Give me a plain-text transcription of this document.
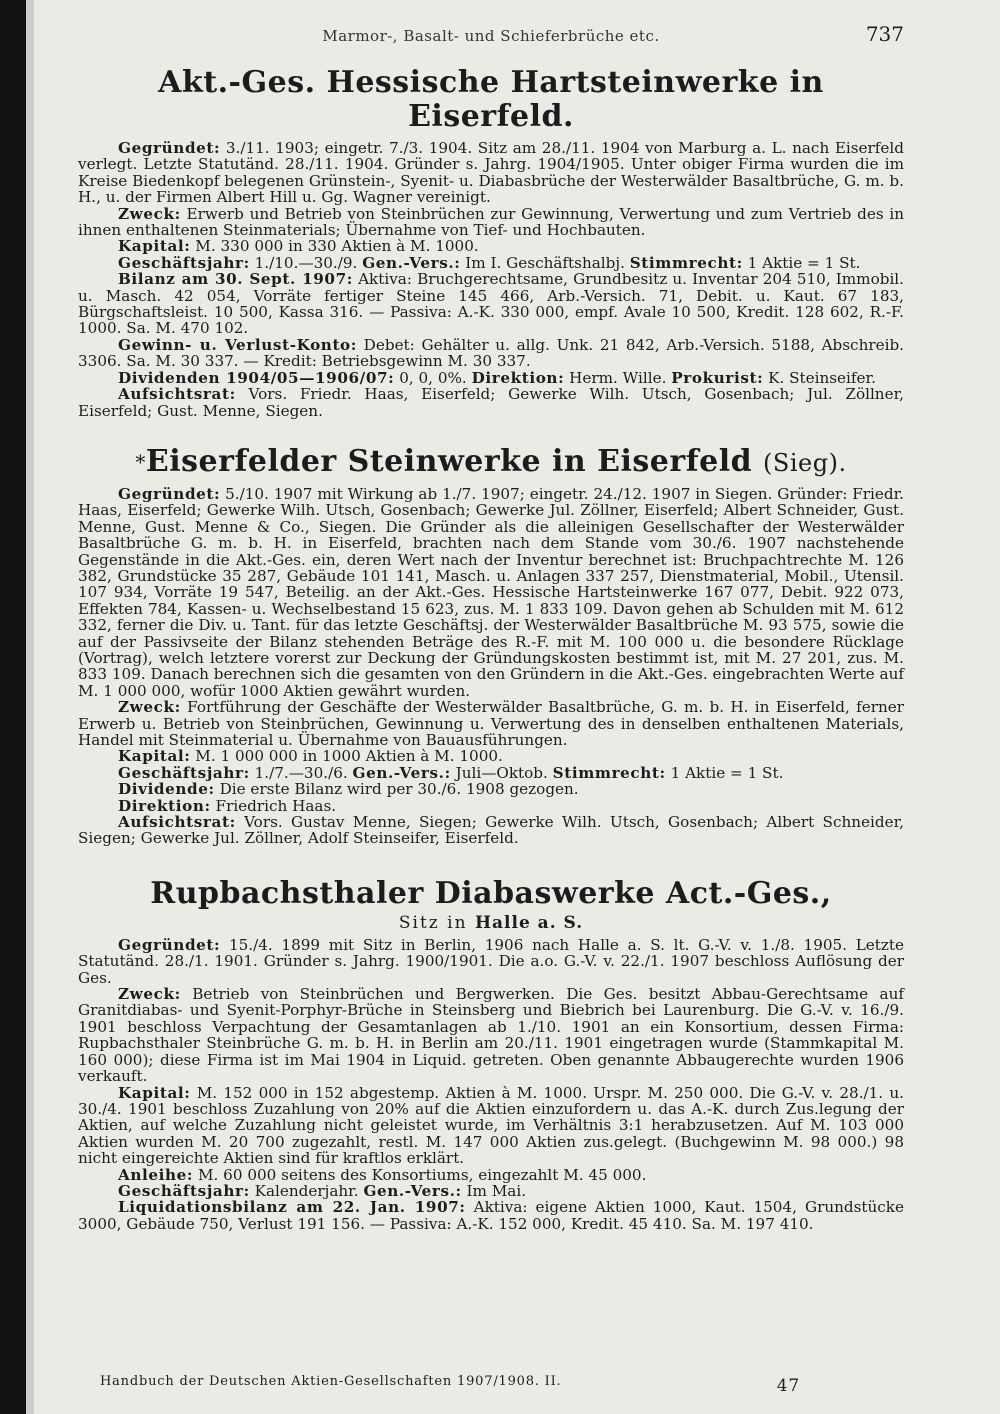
Marmor-, Basalt- und Schieferbrüche etc.	737
Akt.-Ges. Hessische Hartsteinwerke in Eiserfeld.

Gegründet: 3./11. 1903; eingetr. 7./3. 1904. Sitz am 28./11. 1904 von Marburg a. L. nach Eiserfeld verlegt. Letzte Statutänd. 28./11. 1904. Gründer s. Jahrg. 1904/1905. Unter obiger Firma wurden die im Kreise Biedenkopf belegenen Grünstein-, Syenit- u. Diabasbrüche der Westerwälder Basaltbrüche, G. m. b. H., u. der Firmen Albert Hill u. Gg. Wagner vereinigt.

Zweck: Erwerb und Betrieb von Steinbrüchen zur Gewinnung, Verwertung und zum Vertrieb des in ihnen enthaltenen Steinmaterials; Übernahme von Tief- und Hochbauten.

Kapital: M. 330 000 in 330 Aktien à M. 1000.

Geschäftsjahr: 1./10.—30./9. Gen.-Vers.: Im I. Geschäftshalbj. Stimmrecht: 1 Aktie = 1 St.

Bilanz am 30. Sept. 1907: Aktiva: Bruchgerechtsame, Grundbesitz u. Inventar 204 510, Immobil. u. Masch. 42 054, Vorräte fertiger Steine 145 466, Arb.-Versich. 71, Debit. u. Kaut. 67 183, Bürgschaftsleist. 10 500, Kassa 316. — Passiva: A.-K. 330 000, empf. Avale 10 500, Kredit. 128 602, R.-F. 1000. Sa. M. 470 102.

Gewinn- u. Verlust-Konto: Debet: Gehälter u. allg. Unk. 21 842, Arb.-Versich. 5188, Abschreib. 3306. Sa. M. 30 337. — Kredit: Betriebsgewinn M. 30 337.

Dividenden 1904/05—1906/07: 0, 0, 0%. Direktion: Herm. Wille. Prokurist: K. Steinseifer.

Aufsichtsrat: Vors. Friedr. Haas, Eiserfeld; Gewerke Wilh. Utsch, Gosenbach; Jul. Zöllner, Eiserfeld; Gust. Menne, Siegen.

*Eiserfelder Steinwerke in Eiserfeld (Sieg).

Gegründet: 5./10. 1907 mit Wirkung ab 1./7. 1907; eingetr. 24./12. 1907 in Siegen. Gründer: Friedr. Haas, Eiserfeld; Gewerke Wilh. Utsch, Gosenbach; Gewerke Jul. Zöllner, Eiserfeld; Albert Schneider, Gust. Menne, Gust. Menne & Co., Siegen. Die Gründer als die alleinigen Gesellschafter der Westerwälder Basaltbrüche G. m. b. H. in Eiserfeld, brachten nach dem Stande vom 30./6. 1907 nachstehende Gegenstände in die Akt.-Ges. ein, deren Wert nach der Inventur berechnet ist: Bruchpachtrechte M. 126 382, Grundstücke 35 287, Gebäude 101 141, Masch. u. Anlagen 337 257, Dienstmaterial, Mobil., Utensil. 107 934, Vorräte 19 547, Beteilig. an der Akt.-Ges. Hessische Hartsteinwerke 167 077, Debit. 922 073, Effekten 784, Kassen- u. Wechselbestand 15 623, zus. M. 1 833 109. Davon gehen ab Schulden mit M. 612 332, ferner die Div. u. Tant. für das letzte Geschäftsj. der Westerwälder Basaltbrüche M. 93 575, sowie die auf der Passivseite der Bilanz stehenden Beträge des R.-F. mit M. 100 000 u. die besondere Rücklage (Vortrag), welch letztere vorerst zur Deckung der Gründungskosten bestimmt ist, mit M. 27 201, zus. M. 833 109. Danach berechnen sich die gesamten von den Gründern in die Akt.-Ges. eingebrachten Werte auf M. 1 000 000, wofür 1000 Aktien gewährt wurden.

Zweck: Fortführung der Geschäfte der Westerwälder Basaltbrüche, G. m. b. H. in Eiserfeld, ferner Erwerb u. Betrieb von Steinbrüchen, Gewinnung u. Verwertung des in denselben enthaltenen Materials, Handel mit Steinmaterial u. Übernahme von Bauausführungen.

Kapital: M. 1 000 000 in 1000 Aktien à M. 1000.

Geschäftsjahr: 1./7.—30./6. Gen.-Vers.: Juli—Oktob. Stimmrecht: 1 Aktie = 1 St.

Dividende: Die erste Bilanz wird per 30./6. 1908 gezogen.

Direktion: Friedrich Haas.

Aufsichtsrat: Vors. Gustav Menne, Siegen; Gewerke Wilh. Utsch, Gosenbach; Albert Schneider, Siegen; Gewerke Jul. Zöllner, Adolf Steinseifer, Eiserfeld.

Rupbachsthaler Diabaswerke Act.-Ges.,
Sitz in Halle a. S.

Gegründet: 15./4. 1899 mit Sitz in Berlin, 1906 nach Halle a. S. lt. G.-V. v. 1./8. 1905. Letzte Statutänd. 28./1. 1901. Gründer s. Jahrg. 1900/1901. Die a.o. G.-V. v. 22./1. 1907 beschloss Auflösung der Ges.

Zweck: Betrieb von Steinbrüchen und Bergwerken. Die Ges. besitzt Abbau-Gerechtsame auf Granitdiabas- und Syenit-Porphyr-Brüche in Steinsberg und Biebrich bei Laurenburg. Die G.-V. v. 16./9. 1901 beschloss Verpachtung der Gesamtanlagen ab 1./10. 1901 an ein Konsortium, dessen Firma: Rupbachsthaler Steinbrüche G. m. b. H. in Berlin am 20./11. 1901 eingetragen wurde (Stammkapital M. 160 000); diese Firma ist im Mai 1904 in Liquid. getreten. Oben genannte Abbaugerechte wurden 1906 verkauft.

Kapital: M. 152 000 in 152 abgestemp. Aktien à M. 1000. Urspr. M. 250 000. Die G.-V. v. 28./1. u. 30./4. 1901 beschloss Zuzahlung von 20% auf die Aktien einzufordern u. das A.-K. durch Zus.legung der Aktien, auf welche Zuzahlung nicht geleistet wurde, im Verhältnis 3:1 herabzusetzen. Auf M. 103 000 Aktien wurden M. 20 700 zugezahlt, restl. M. 147 000 Aktien zus.gelegt. (Buchgewinn M. 98 000.) 98 nicht eingereichte Aktien sind für kraftlos erklärt.

Anleihe: M. 60 000 seitens des Konsortiums, eingezahlt M. 45 000.

Geschäftsjahr: Kalenderjahr. Gen.-Vers.: Im Mai.

Liquidationsbilanz am 22. Jan. 1907: Aktiva: eigene Aktien 1000, Kaut. 1504, Grundstücke 3000, Gebäude 750, Verlust 191 156. — Passiva: A.-K. 152 000, Kredit. 45 410. Sa. M. 197 410.

Handbuch der Deutschen Aktien-Gesellschaften 1907/1908. II.	47
